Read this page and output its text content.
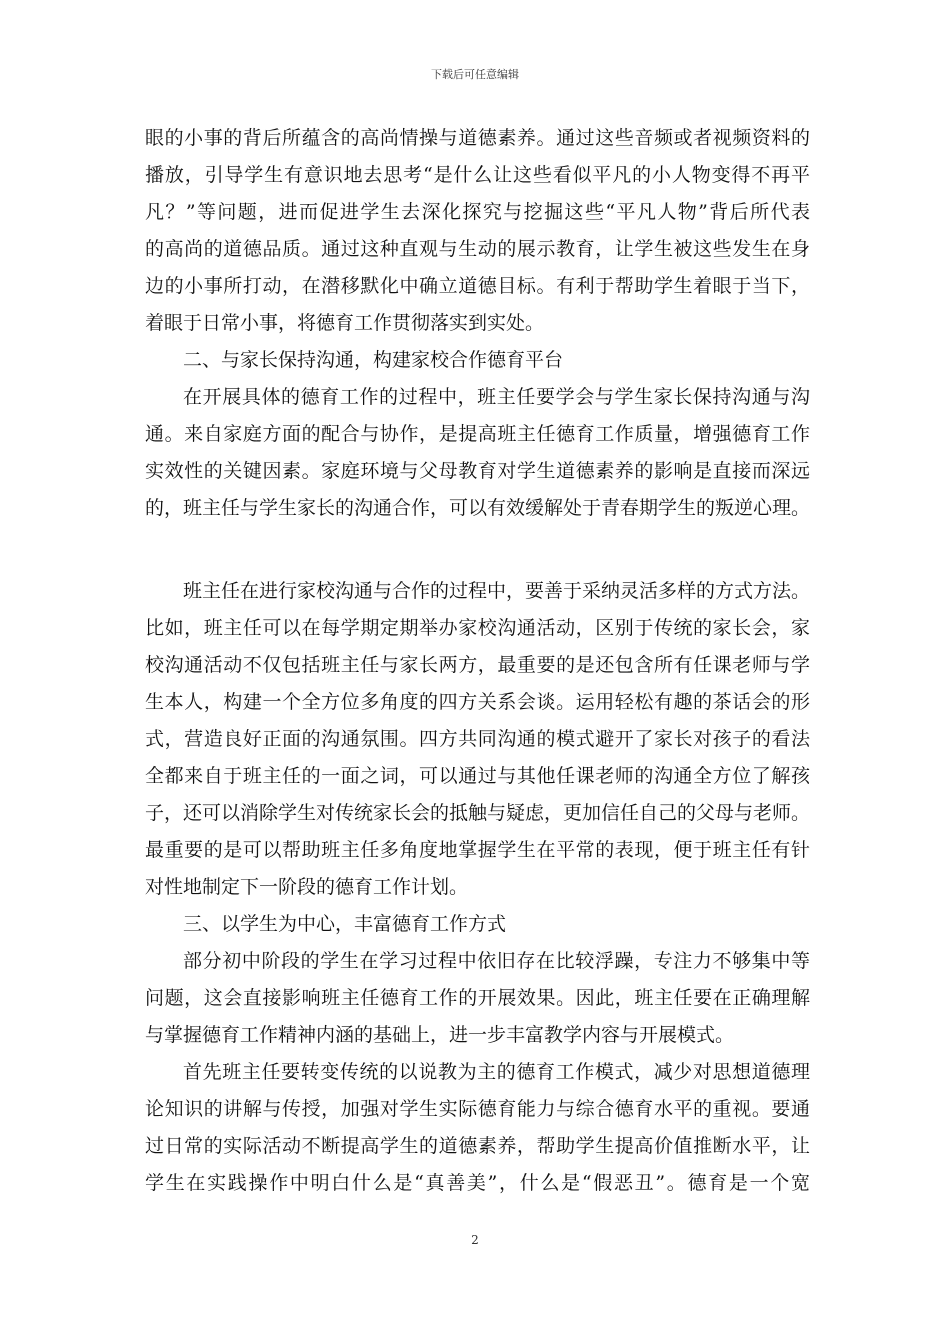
下载后可任意编辑
眼的小事的背后所蕴含的高尚情操与道德素养。通过这些音频或者视频资料的
播放，引导学生有意识地去思考“是什么让这些看似平凡的小人物变得不再平
凡？”等问题，进而促进学生去深化探究与挖掘这些“平凡人物”背后所代表
的高尚的道德品质。通过这种直观与生动的展示教育，让学生被这些发生在身
边的小事所打动，在潜移默化中确立道德目标。有利于帮助学生着眼于当下，
着眼于日常小事，将德育工作贯彻落实到实处。
二、与家长保持沟通，构建家校合作德育平台
在开展具体的德育工作的过程中，班主任要学会与学生家长保持沟通与沟
通。来自家庭方面的配合与协作，是提高班主任德育工作质量，增强德育工作
实效性的关键因素。家庭环境与父母教育对学生道德素养的影响是直接而深远
的，班主任与学生家长的沟通合作，可以有效缓解处于青春期学生的叛逆心理。
班主任在进行家校沟通与合作的过程中，要善于采纳灵活多样的方式方法。
比如，班主任可以在每学期定期举办家校沟通活动，区别于传统的家长会，家
校沟通活动不仅包括班主任与家长两方，最重要的是还包含所有任课老师与学
生本人，构建一个全方位多角度的四方关系会谈。运用轻松有趣的茶话会的形
式，营造良好正面的沟通氛围。四方共同沟通的模式避开了家长对孩子的看法
全都来自于班主任的一面之词，可以通过与其他任课老师的沟通全方位了解孩
子，还可以消除学生对传统家长会的抵触与疑虑，更加信任自己的父母与老师。
最重要的是可以帮助班主任多角度地掌握学生在平常的表现，便于班主任有针
对性地制定下一阶段的德育工作计划。
三、以学生为中心，丰富德育工作方式
部分初中阶段的学生在学习过程中依旧存在比较浮躁，专注力不够集中等
问题，这会直接影响班主任德育工作的开展效果。因此，班主任要在正确理解
与掌握德育工作精神内涵的基础上，进一步丰富教学内容与开展模式。
首先班主任要转变传统的以说教为主的德育工作模式，减少对思想道德理
论知识的讲解与传授，加强对学生实际德育能力与综合德育水平的重视。要通
过日常的实际活动不断提高学生的道德素养，帮助学生提高价值推断水平，让
学生在实践操作中明白什么是“真善美”，什么是“假恶丑”。德育是一个宽
2
